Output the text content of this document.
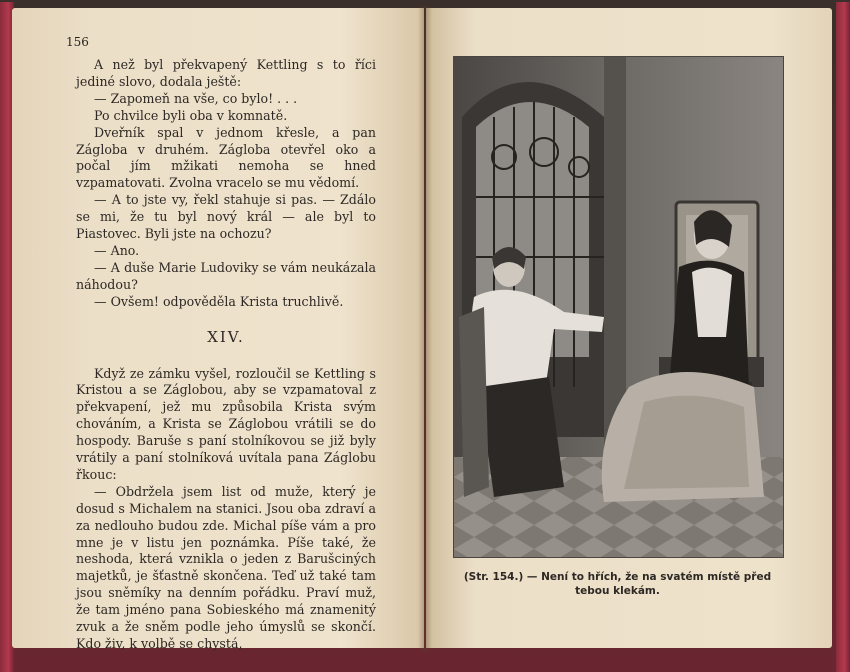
156

A než byl překvapený Kettling s to říci jediné slovo, dodala ještě:

— Zapomeň na vše, co bylo! . . .

Po chvilce byli oba v komnatě.

Dveřník spal v jednom křesle, a pan Zágloba v druhém. Zágloba otevřel oko a počal jím mžikati nemoha se hned vzpamatovati. Zvolna vracelo se mu vědomí.

— A to jste vy, řekl stahuje si pas. — Zdálo se mi, že tu byl nový král — ale byl to Piastovec. Byli jste na ochozu?

— Ano.

— A duše Marie Ludoviky se vám neukázala náhodou?

— Ovšem! odpověděla Krista truchlivě.

XIV.

Když ze zámku vyšel, rozloučil se Kettling s Kristou a se Záglobou, aby se vzpamatoval z překvapení, jež mu způsobila Krista svým chováním, a Krista se Záglobou vrátili se do hospody. Baruše s paní stolníkovou se již byly vrátily a paní stolníková uvítala pana Záglobu řkouc:

— Obdržela jsem list od muže, který je dosud s Michalem na stanici. Jsou oba zdraví a za nedlouho budou zde. Michal píše vám a pro mne je v listu jen poznámka. Píše také, že neshoda, která vznikla o jeden z Barušciných majetků, je šťastně skončena. Teď už také tam jsou sněmíky na denním pořádku. Praví muž, že tam jméno pana Sobieského má znamenitý zvuk a že sněm podle jeho úmyslů se skončí. Kdo živ, k volbě se chystá,

(Str. 154.) — Není to hřích, že na svatém místě před tebou klekám.
